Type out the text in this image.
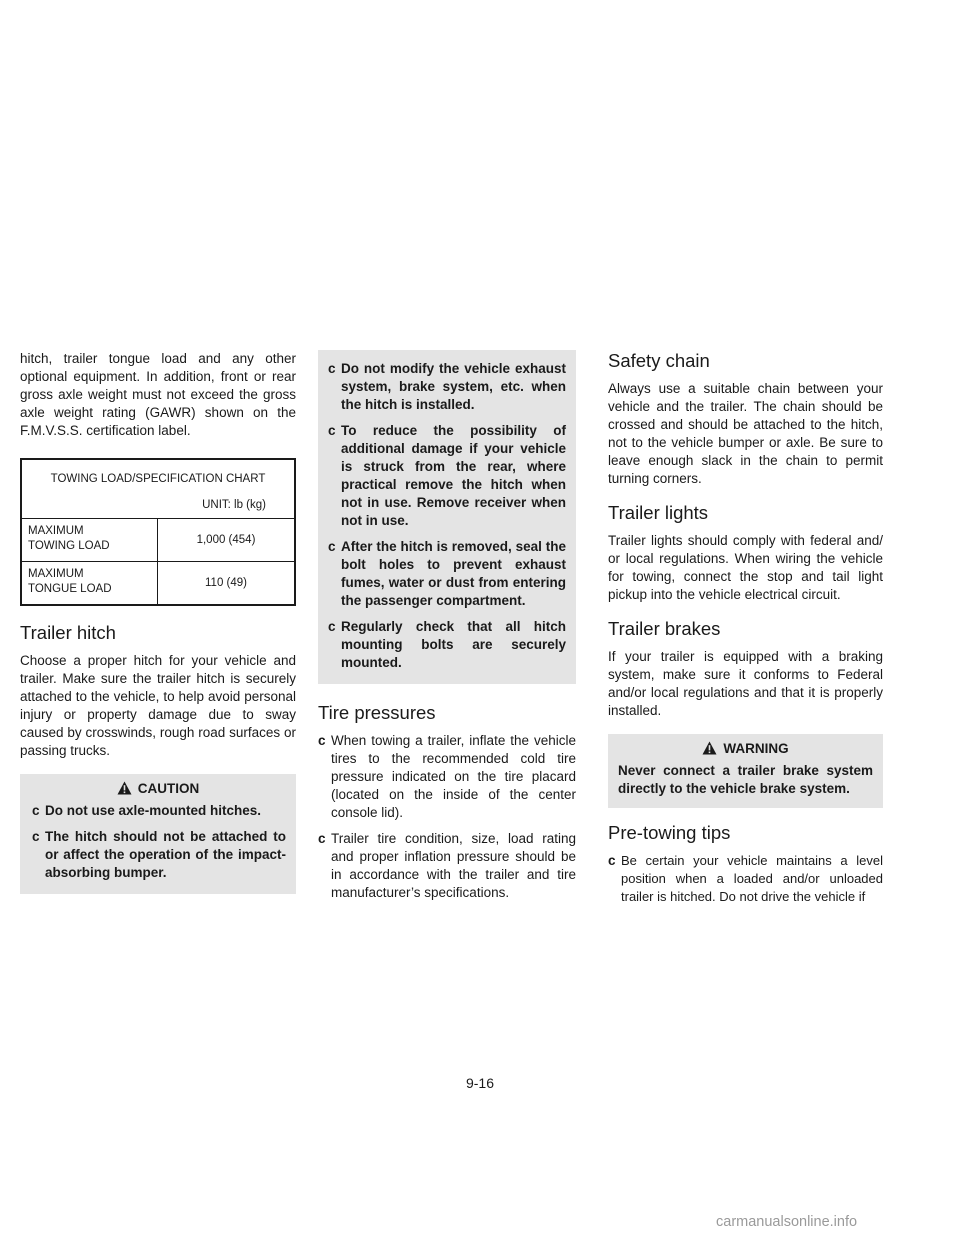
hitch, trailer tongue load and any other optional equipment. In addition, front or rear gross axle weight must not exceed the gross axle weight rating (GAWR) shown on the F.M.V.S.S. certification label.

TOWING LOAD/SPECIFICATION CHART
UNIT: lb (kg)
MAXIMUM
TOWING LOAD	1,000 (454)
MAXIMUM
TONGUE LOAD	110 (49)
Trailer hitch

Choose a proper hitch for your vehicle and trailer. Make sure the trailer hitch is securely attached to the vehicle, to help avoid personal injury or property damage due to sway caused by crosswinds, rough road surfaces or passing trucks.

CAUTION
c Do not use axle-mounted hitches.
c The hitch should not be attached to or affect the operation of the impact-absorbing bumper.
c Do not modify the vehicle exhaust system, brake system, etc. when the hitch is installed.
c To reduce the possibility of additional damage if your vehicle is struck from the rear, where practical remove the hitch when not in use. Remove receiver when not in use.
c After the hitch is removed, seal the bolt holes to prevent exhaust fumes, water or dust from entering the passenger compartment.
c Regularly check that all hitch mounting bolts are securely mounted.
Tire pressures
c When towing a trailer, inflate the vehicle tires to the recommended cold tire pressure indicated on the tire placard (located on the inside of the center console lid).
c Trailer tire condition, size, load rating and proper inflation pressure should be in accordance with the trailer and tire manufacturer’s specifications.
Safety chain

Always use a suitable chain between your vehicle and the trailer. The chain should be crossed and should be attached to the hitch, not to the vehicle bumper or axle. Be sure to leave enough slack in the chain to permit turning corners.

Trailer lights

Trailer lights should comply with federal and/ or local regulations. When wiring the vehicle for towing, connect the stop and tail light pickup into the vehicle electrical circuit.

Trailer brakes

If your trailer is equipped with a braking system, make sure it conforms to Federal and/or local regulations and that it is properly installed.

WARNING
Never connect a trailer brake system directly to the vehicle brake system.
Pre-towing tips
c Be certain your vehicle maintains a level position when a loaded and/or unloaded trailer is hitched. Do not drive the vehicle if
9-16
carmanualsonline.info
